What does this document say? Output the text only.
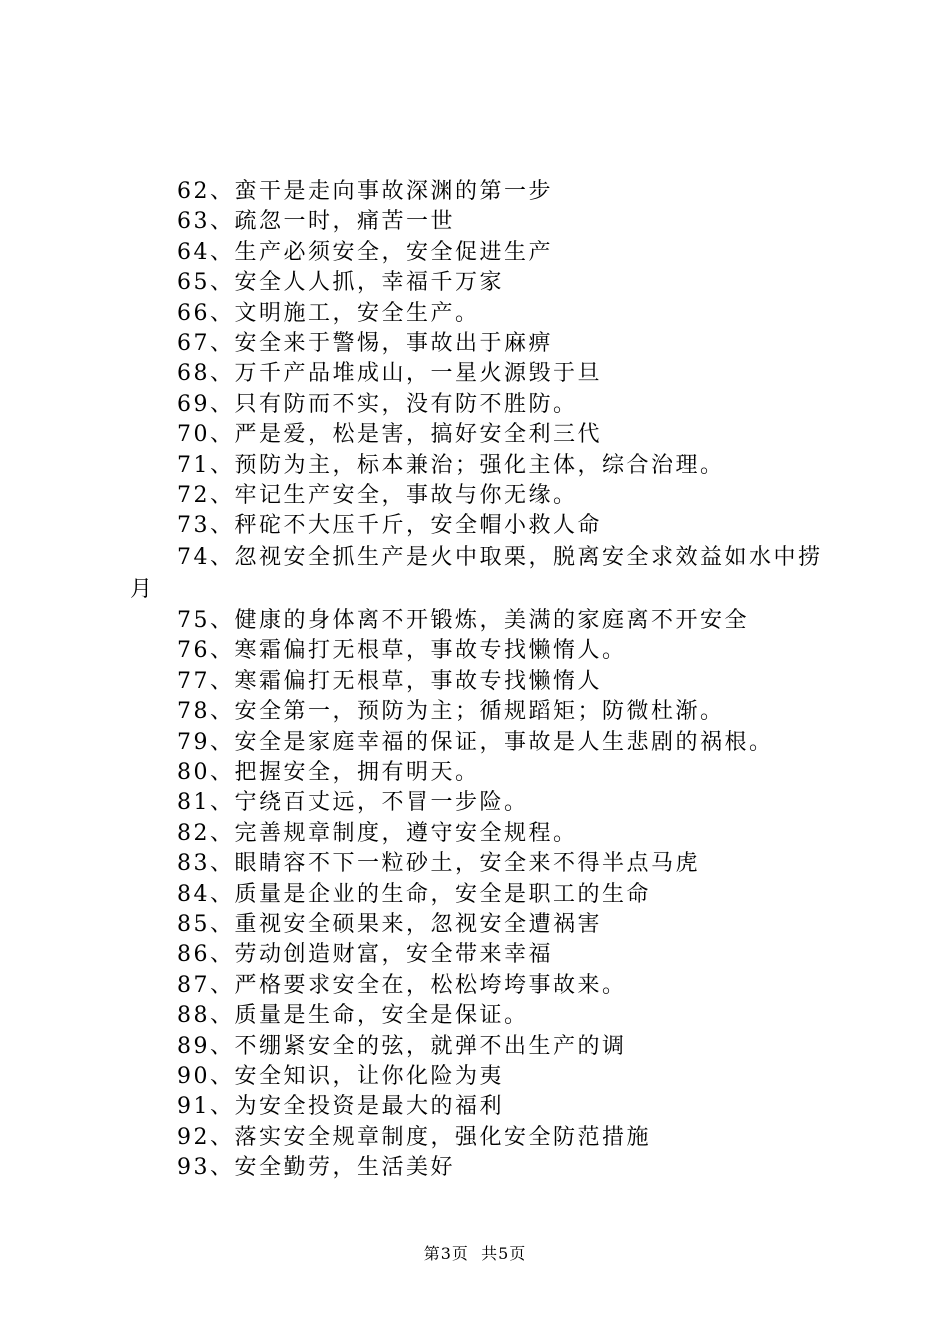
62、蛮干是走向事故深渊的第一步
63、疏忽一时，痛苦一世
64、生产必须安全，安全促进生产
65、安全人人抓，幸福千万家
66、文明施工，安全生产。
67、安全来于警惕，事故出于麻痹
68、万千产品堆成山，一星火源毁于旦
69、只有防而不实，没有防不胜防。
70、严是爱，松是害，搞好安全利三代
71、预防为主，标本兼治；强化主体，综合治理。
72、牢记生产安全，事故与你无缘。
73、秤砣不大压千斤，安全帽小救人命
74、忽视安全抓生产是火中取栗，脱离安全求效益如水中捞月
75、健康的身体离不开锻炼，美满的家庭离不开安全
76、寒霜偏打无根草，事故专找懒惰人。
77、寒霜偏打无根草，事故专找懒惰人
78、安全第一，预防为主；循规蹈矩；防微杜渐。
79、安全是家庭幸福的保证，事故是人生悲剧的祸根。
80、把握安全，拥有明天。
81、宁绕百丈远，不冒一步险。
82、完善规章制度，遵守安全规程。
83、眼睛容不下一粒砂土，安全来不得半点马虎
84、质量是企业的生命，安全是职工的生命
85、重视安全硕果来，忽视安全遭祸害
86、劳动创造财富，安全带来幸福
87、严格要求安全在，松松垮垮事故来。
88、质量是生命，安全是保证。
89、不绷紧安全的弦，就弹不出生产的调
90、安全知识，让你化险为夷
91、为安全投资是最大的福利
92、落实安全规章制度，强化安全防范措施
93、安全勤劳，生活美好
第3页  共5页
